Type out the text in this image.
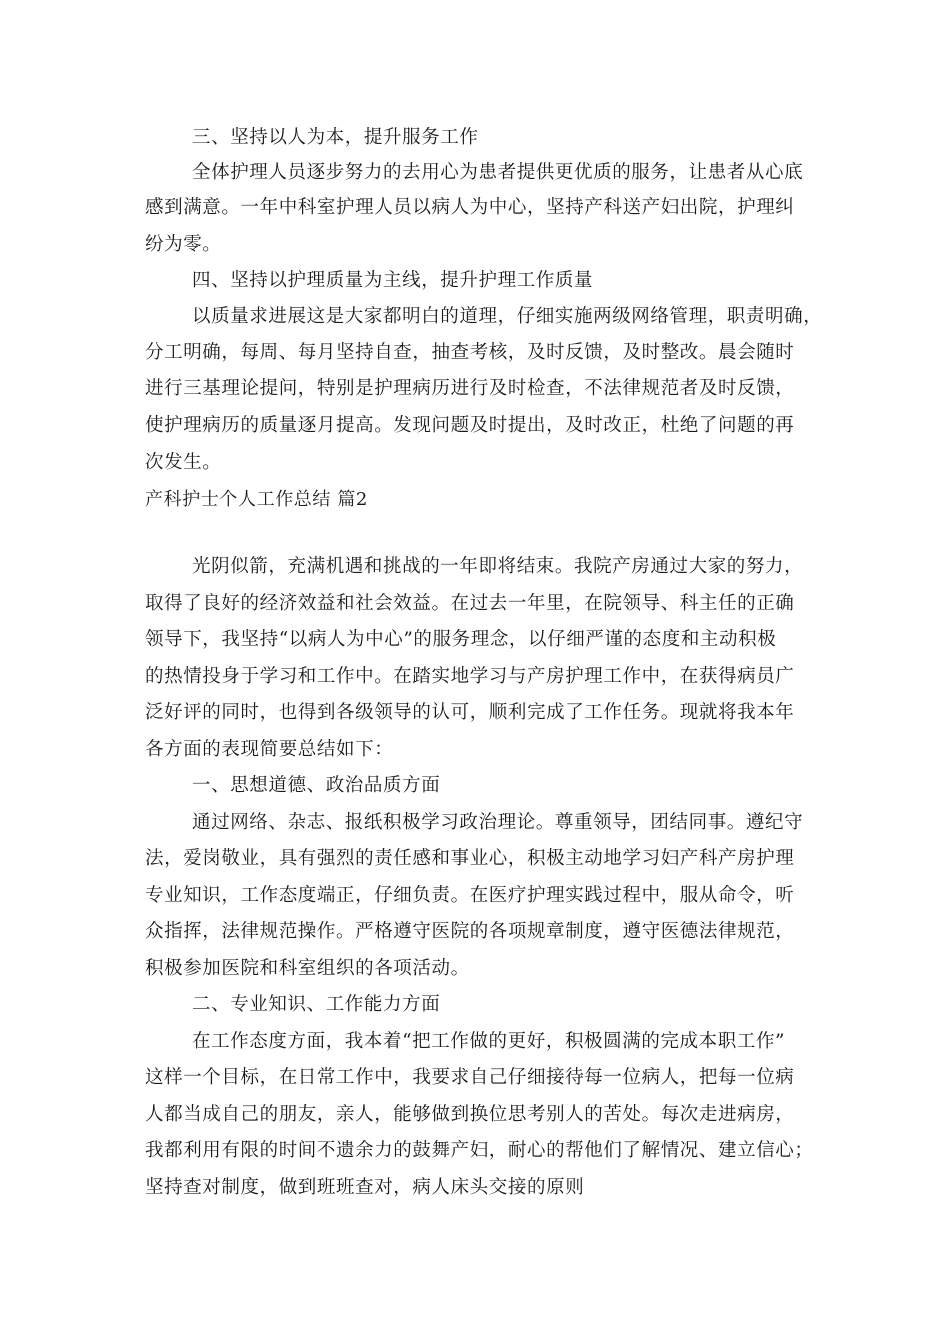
三、坚持以人为本，提升服务工作
全体护理人员逐步努力的去用心为患者提供更优质的服务，让患者从心底
感到满意。一年中科室护理人员以病人为中心，坚持产科送产妇出院，护理纠
纷为零。
四、坚持以护理质量为主线，提升护理工作质量
以质量求进展这是大家都明白的道理，仔细实施两级网络管理，职责明确，
分工明确，每周、每月坚持自查，抽查考核，及时反馈，及时整改。晨会随时
进行三基理论提问，特别是护理病历进行及时检查，不法律规范者及时反馈，
使护理病历的质量逐月提高。发现问题及时提出，及时改正，杜绝了问题的再
次发生。
产科护士个人工作总结 篇2
光阴似箭，充满机遇和挑战的一年即将结束。我院产房通过大家的努力，
取得了良好的经济效益和社会效益。在过去一年里，在院领导、科主任的正确
领导下，我坚持“以病人为中心”的服务理念，以仔细严谨的态度和主动积极
的热情投身于学习和工作中。在踏实地学习与产房护理工作中，在获得病员广
泛好评的同时，也得到各级领导的认可，顺利完成了工作任务。现就将我本年
各方面的表现简要总结如下：
一、思想道德、政治品质方面
通过网络、杂志、报纸积极学习政治理论。尊重领导，团结同事。遵纪守
法，爱岗敬业，具有强烈的责任感和事业心，积极主动地学习妇产科产房护理
专业知识，工作态度端正，仔细负责。在医疗护理实践过程中，服从命令，听
众指挥，法律规范操作。严格遵守医院的各项规章制度，遵守医德法律规范，
积极参加医院和科室组织的各项活动。
二、专业知识、工作能力方面
在工作态度方面，我本着“把工作做的更好，积极圆满的完成本职工作”
这样一个目标，在日常工作中，我要求自己仔细接待每一位病人，把每一位病
人都当成自己的朋友，亲人，能够做到换位思考别人的苦处。每次走进病房，
我都利用有限的时间不遗余力的鼓舞产妇，耐心的帮他们了解情况、建立信心；
坚持查对制度，做到班班查对，病人床头交接的原则
